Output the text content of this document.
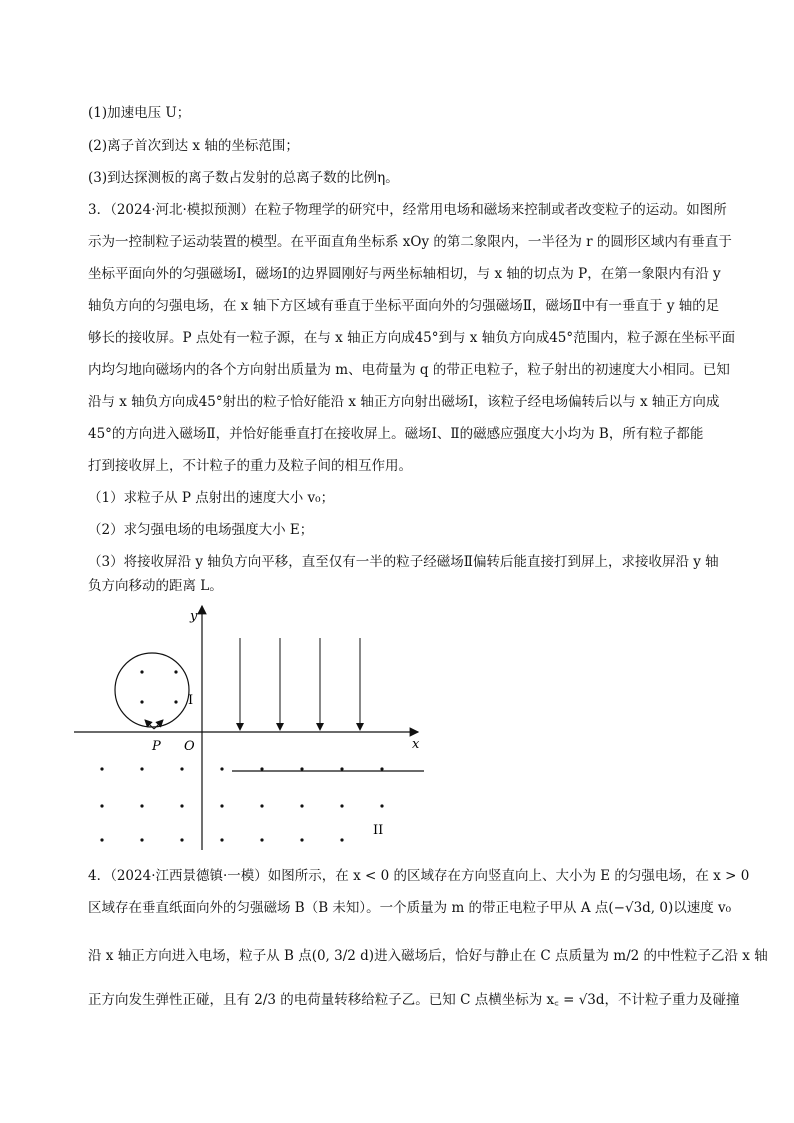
(1)加速电压 U；
(2)离子首次到达 x 轴的坐标范围；
(3)到达探测板的离子数占发射的总离子数的比例η。
3．（2024·河北·模拟预测）在粒子物理学的研究中，经常用电场和磁场来控制或者改变粒子的运动。如图所
示为一控制粒子运动装置的模型。在平面直角坐标系 xOy 的第二象限内，一半径为 r 的圆形区域内有垂直于
坐标平面向外的匀强磁场Ⅰ，磁场Ⅰ的边界圆刚好与两坐标轴相切，与 x 轴的切点为 P，在第一象限内有沿 y
轴负方向的匀强电场，在 x 轴下方区域有垂直于坐标平面向外的匀强磁场Ⅱ，磁场Ⅱ中有一垂直于 y 轴的足
够长的接收屏。P 点处有一粒子源，在与 x 轴正方向成45°到与 x 轴负方向成45°范围内，粒子源在坐标平面
内均匀地向磁场内的各个方向射出质量为 m、电荷量为 q 的带正电粒子，粒子射出的初速度大小相同。已知
沿与 x 轴负方向成45°射出的粒子恰好能沿 x 轴正方向射出磁场Ⅰ，该粒子经电场偏转后以与 x 轴正方向成
45°的方向进入磁场Ⅱ，并恰好能垂直打在接收屏上。磁场Ⅰ、Ⅱ的磁感应强度大小均为 B，所有粒子都能
打到接收屏上，不计粒子的重力及粒子间的相互作用。
（1）求粒子从 P 点射出的速度大小 v₀；
（2）求匀强电场的电场强度大小 E；
（3）将接收屏沿 y 轴负方向平移，直至仅有一半的粒子经磁场Ⅱ偏转后能直接打到屏上，求接收屏沿 y 轴
负方向移动的距离 L。
y
x
O
P
I
II
4．（2024·江西景德镇·一模）如图所示，在 x < 0 的区域存在方向竖直向上、大小为 E 的匀强电场，在 x > 0
区域存在垂直纸面向外的匀强磁场 B（B 未知）。一个质量为 m 的带正电粒子甲从 A 点(−√3d, 0)以速度 v₀
沿 x 轴正方向进入电场，粒子从 B 点(0, 3/2 d)进入磁场后，恰好与静止在 C 点质量为 m/2 的中性粒子乙沿 x 轴
正方向发生弹性正碰，且有 2/3 的电荷量转移给粒子乙。已知 C 点横坐标为 x꜀ = √3d，不计粒子重力及碰撞
